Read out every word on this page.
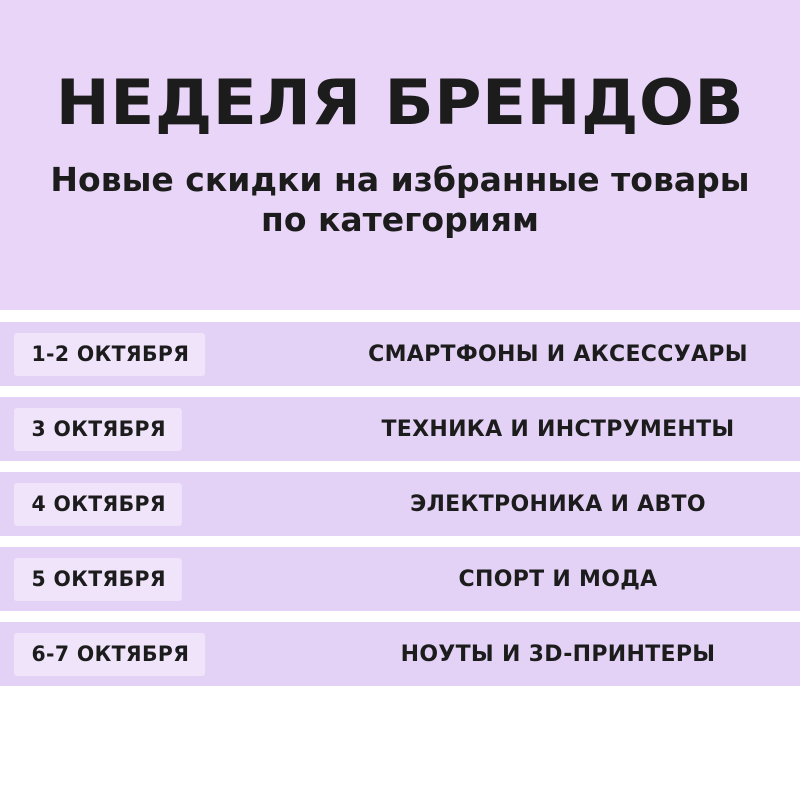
НЕДЕЛЯ БРЕНДОВ

Новые скидки на избранные товары по категориям

1-2 ОКТЯБРЯ	СМАРТФОНЫ И АКСЕССУАРЫ
3 ОКТЯБРЯ	ТЕХНИКА И ИНСТРУМЕНТЫ
4 ОКТЯБРЯ	ЭЛЕКТРОНИКА И АВТО
5 ОКТЯБРЯ	СПОРТ И МОДА
6-7 ОКТЯБРЯ	НОУТЫ И 3D-ПРИНТЕРЫ
